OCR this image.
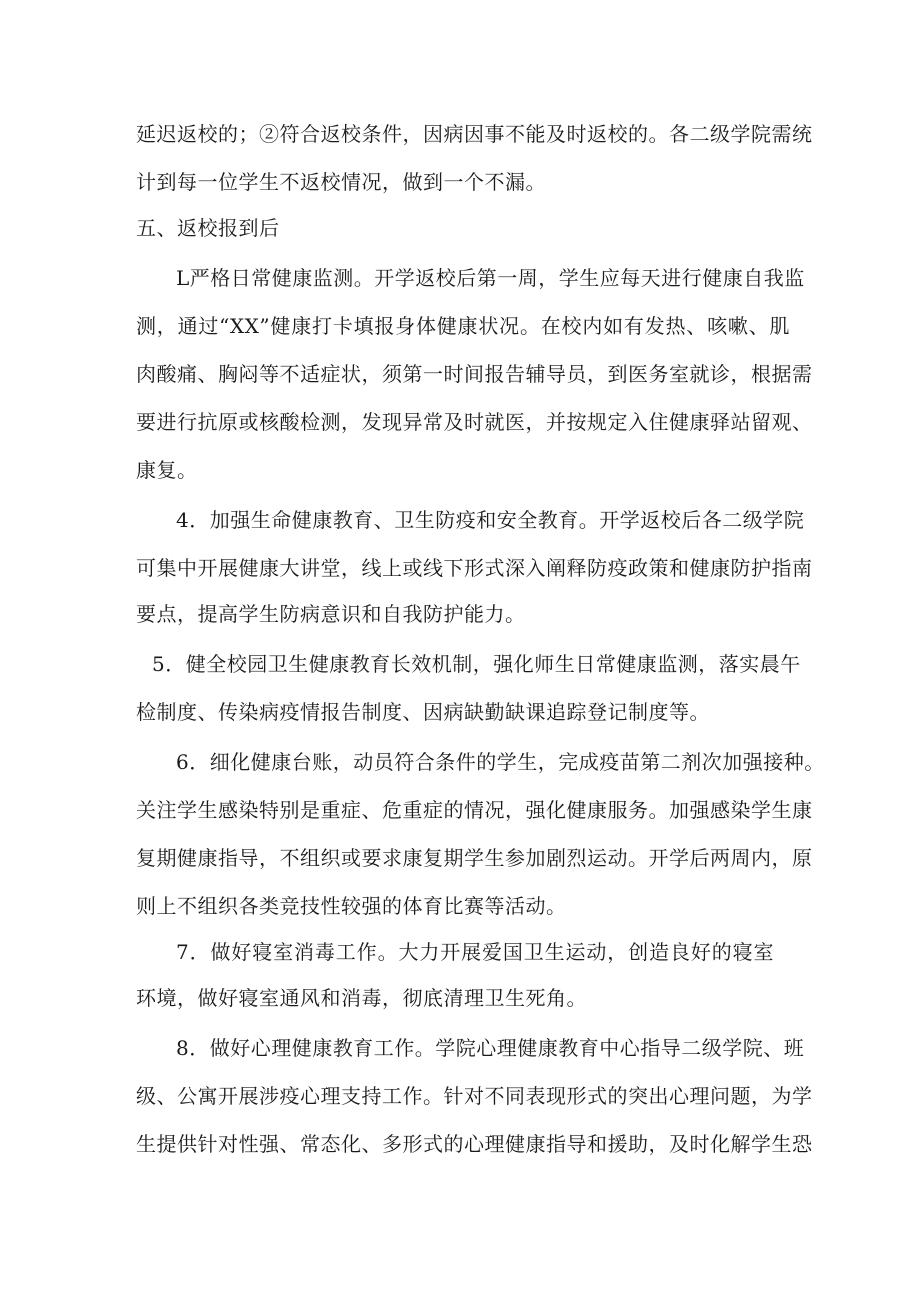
延迟返校的；②符合返校条件，因病因事不能及时返校的。各二级学院需统

计到每一位学生不返校情况，做到一个不漏。

五、返校报到后

L严格日常健康监测。开学返校后第一周，学生应每天进行健康自我监

测，通过“XX”健康打卡填报身体健康状况。在校内如有发热、咳嗽、肌

肉酸痛、胸闷等不适症状，须第一时间报告辅导员，到医务室就诊，根据需

要进行抗原或核酸检测，发现异常及时就医，并按规定入住健康驿站留观、

康复。

4．加强生命健康教育、卫生防疫和安全教育。开学返校后各二级学院

可集中开展健康大讲堂，线上或线下形式深入阐释防疫政策和健康防护指南

要点，提高学生防病意识和自我防护能力。

5．健全校园卫生健康教育长效机制，强化师生日常健康监测，落实晨午

检制度、传染病疫情报告制度、因病缺勤缺课追踪登记制度等。

6．细化健康台账，动员符合条件的学生，完成疫苗第二剂次加强接种。

关注学生感染特别是重症、危重症的情况，强化健康服务。加强感染学生康

复期健康指导，不组织或要求康复期学生参加剧烈运动。开学后两周内，原

则上不组织各类竞技性较强的体育比赛等活动。

7．做好寝室消毒工作。大力开展爱国卫生运动，创造良好的寝室

环境，做好寝室通风和消毒，彻底清理卫生死角。

8．做好心理健康教育工作。学院心理健康教育中心指导二级学院、班

级、公寓开展涉疫心理支持工作。针对不同表现形式的突出心理问题，为学

生提供针对性强、常态化、多形式的心理健康指导和援助，及时化解学生恐
